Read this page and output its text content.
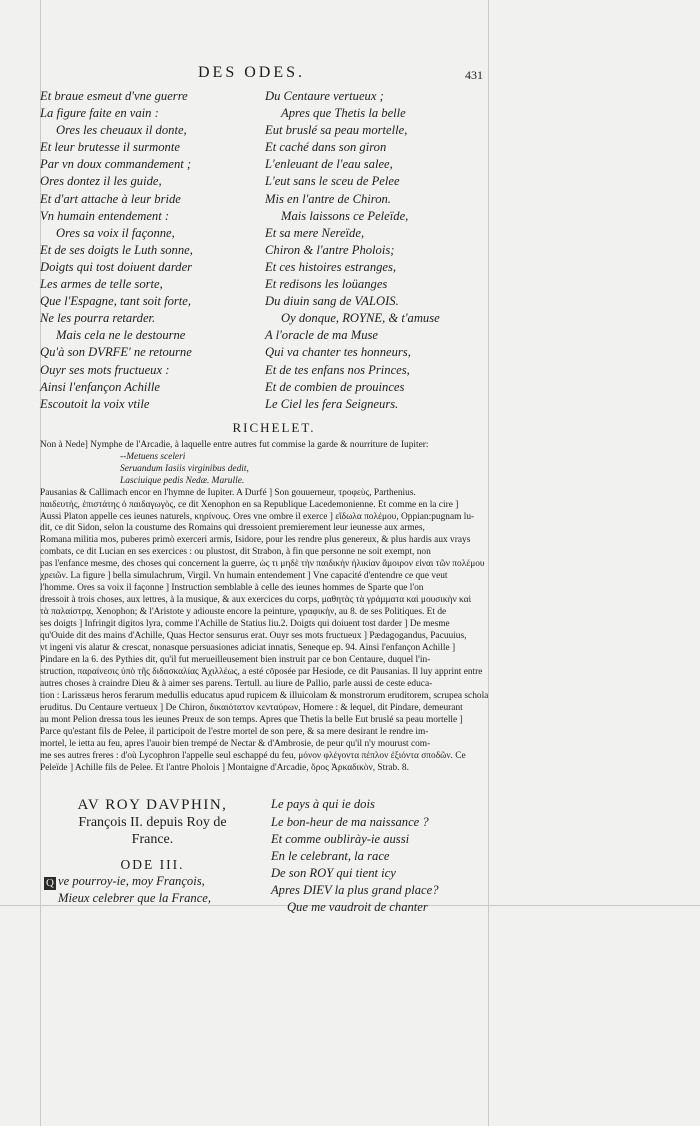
DES ODES.	431
Et braue esmeut d'vne guerre
La figure faite en vain :
Ores les cheuaux il donte,
Et leur brutesse il surmonte
Par vn doux commandement ;
Ores dontez il les guide,
Et d'art attache à leur bride
Vn humain entendement :
Ores sa voix il façonne,
Et de ses doigts le Luth sonne,
Doigts qui tost doiuent darder
Les armes de telle sorte,
Que l'Espagne, tant soit forte,
Ne les pourra retarder.
Mais cela ne le destourne
Qu'à son DVRFE' ne retourne
Ouyr ses mots fructueux :
Ainsi l'enfançon Achille
Escoutoit la voix vtile
Du Centaure vertueux ;
Apres que Thetis la belle
Eut bruslé sa peau mortelle,
Et caché dans son giron
L'enleuant de l'eau salee,
L'eut sans le sceu de Pelee
Mis en l'antre de Chiron.
Mais laissons ce Peleïde,
Et sa mere Nereïde,
Chiron & l'antre Pholois;
Et ces histoires estranges,
Et redisons les loüanges
Du diuin sang de VALOIS.
Oy donque, ROYNE, & t'amuse
A l'oracle de ma Muse
Qui va chanter tes honneurs,
Et de tes enfans nos Princes,
Et de combien de prouinces
Le Ciel les fera Seigneurs.
RICHELET.

Non à Nede] Nymphe de l'Arcadie, à laquelle entre autres fut commise la garde & nourriture de Iupiter:

--Metuens sceleri

Seruandum Iasiis virginibus dedit,

Lasciuique pedis Nedæ. Marulle.

Pausanias & Callimach encor en l'hymne de Iupiter. A Durfé ] Son gouuerneur, τροφεὺς, Parthenius.

παιδευτὴς, ἐπιστάτης ὁ παιδαγωγὸς, ce dit Xenophon en sa Republique Lacedemonienne. Et comme en la cire ]

Aussi Platon appelle ces ieunes naturels, κηρίνους. Ores vne ombre il exerce ] εἴδωλα πολέμου, Oppian:pugnam lu-

dit, ce dit Sidon, selon la coustume des Romains qui dressoient premierement leur ieunesse aux armes,

Romana militia mos, puberes primò exerceri armis, Isidore, pour les rendre plus genereux, & plus hardis aux vrays

combats, ce dit Lucian en ses exercices : ou plustost, dit Strabon, à fin que personne ne soit exempt, non

pas l'enfance mesme, des choses qui concernent la guerre, ὡς τι μηδὲ τὴν παιδικὴν ἡλικίαν ἄμοιρον εἶναι τῶν πολέμου

χρειῶν. La figure ] bella simulachrum, Virgil. Vn humain entendement ] Vne capacité d'entendre ce que veut

l'homme. Ores sa voix il façonne ] Instruction semblable à celle des ieunes hommes de Sparte que l'on

dressoit à trois choses, aux lettres, à la musique, & aux exercices du corps, μαθητὰς τὰ γράμματα καὶ μουσικὴν καὶ

τὰ παλαίστρᾳ, Xenophon; & l'Aristote y adiouste encore la peinture, γραφικὴν, au 8. de ses Politiques. Et de

ses doigts ] Infringit digitos lyra, comme l'Achille de Statius liu.2. Doigts qui doiuent tost darder ] De mesme

qu'Ouide dit des mains d'Achille, Quas Hector sensurus erat. Ouyr ses mots fructueux ] Pædagogandus, Pacuuius,

vt ingeni vis alatur & crescat, nonasque persuasiones adiciat innatis, Seneque ep. 94. Ainsi l'enfançon Achille ]

Pindare en la 6. des Pythies dit, qu'il fut merueilleusement bien instruit par ce bon Centaure, duquel l'in-

struction, παραίνεσις ὑπὸ τῆς διδασκαλίας Ἀχιλλέως, a esté cōposée par Hesiode, ce dit Pausanias. Il luy apprint entre

autres choses à craindre Dieu & à aimer ses parens. Tertull. au liure de Pallio, parle aussi de ceste educa-

tion : Larissæus heros ferarum medullis educatus apud rupicem & illuicolam & monstrorum eruditorem, scrupea schola

eruditus. Du Centaure vertueux ] De Chiron, δικαιότατον κενταύρων, Homere : & lequel, dit Pindare, demeurant

au mont Pelion dressa tous les ieunes Preux de son temps. Apres que Thetis la belle Eut bruslé sa peau mortelle ]

Parce qu'estant fils de Pelee, il participoit de l'estre mortel de son pere, & sa mere desirant le rendre im-

mortel, le ietta au feu, apres l'auoir bien trempé de Nectar & d'Ambrosie, de peur qu'il n'y mourust com-

me ses autres freres : d'où Lycophron l'appelle seul eschappé du feu, μόνον φλέγοντα πέπλον ἐξιόντα σποδῶν. Ce

Peleïde ] Achille fils de Pelee. Et l'antre Pholois ] Montaigne d'Arcadie, ὄρος Ἀρκαδικὸν, Strab. 8.

AV ROY DAVPHIN,
François II. depuis Roy de
France.
ODE III.
Q ve pourroy-ie, moy François,
Mieux celebrer que la France,
Le pays à qui ie dois
Le bon-heur de ma naissance ?
Et comme oublirày-ie aussi
En le celebrant, la race
De son ROY qui tient icy
Apres DIEV la plus grand place?
Que me vaudroit de chanter
